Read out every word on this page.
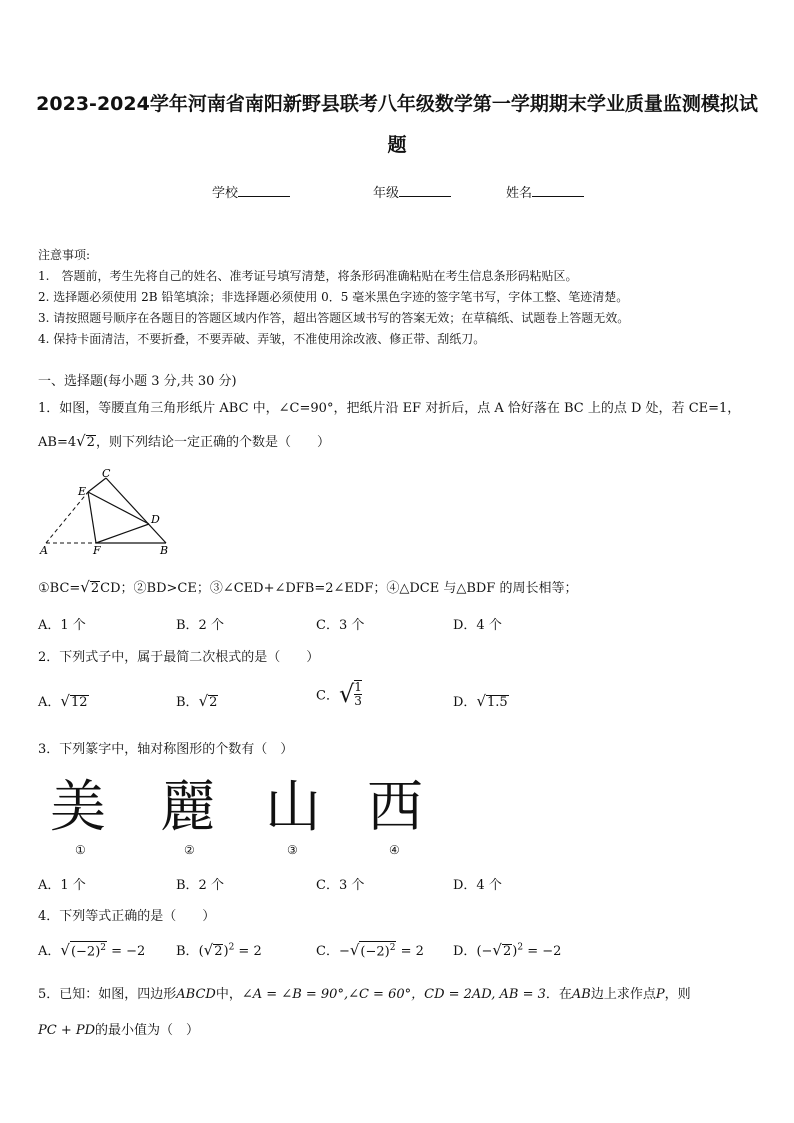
2023-2024学年河南省南阳新野县联考八年级数学第一学期期末学业质量监测模拟试
题
学校	年级	姓名
注意事项:
1.　答题前，考生先将自己的姓名、准考证号填写清楚，将条形码准确粘贴在考生信息条形码粘贴区。
2. 选择题必须使用 2B 铅笔填涂；非选择题必须使用 0．5 毫米黑色字迹的签字笔书写，字体工整、笔迹清楚。
3. 请按照题号顺序在各题目的答题区域内作答，超出答题区域书写的答案无效；在草稿纸、试题卷上答题无效。
4. 保持卡面清洁，不要折叠，不要弄破、弄皱，不准使用涂改液、修正带、刮纸刀。
一、选择题(每小题 3 分,共 30 分)
1．如图，等腰直角三角形纸片 ABC 中，∠C=90°，把纸片沿 EF 对折后，点 A 恰好落在 BC 上的点 D 处，若 CE=1，
AB=4√2，则下列结论一定正确的个数是（　　）
C
E
D
A	F	B
①BC=√2CD；②BD>CE；③∠CED+∠DFB=2∠EDF；④△DCE 与△BDF 的周长相等；
A．1 个	B．2 个	C．3 个	D．4 个
2．下列式子中，属于最简二次根式的是（　　）
A．√12	B．√2	C．√ $\frac{1}{3}$	D．√1.5
3．下列篆字中，轴对称图形的个数有（　）
美 麗 山 西
①	②	③	④
A．1 个	B．2 个	C．3 个	D．4 个
4．下列等式正确的是（　　）
A．$√(-2)^2 = -2$ B．$(√2)^2 = 2$	C．$-√(-2)^2 = 2$ D．$(-√2)^2 = -2$
5．已知：如图，四边形ABCD中，∠A = ∠B = 90°,∠C = 60°，CD = 2AD, AB = 3．在AB边上求作点P，则
PC + PD的最小值为（　）
